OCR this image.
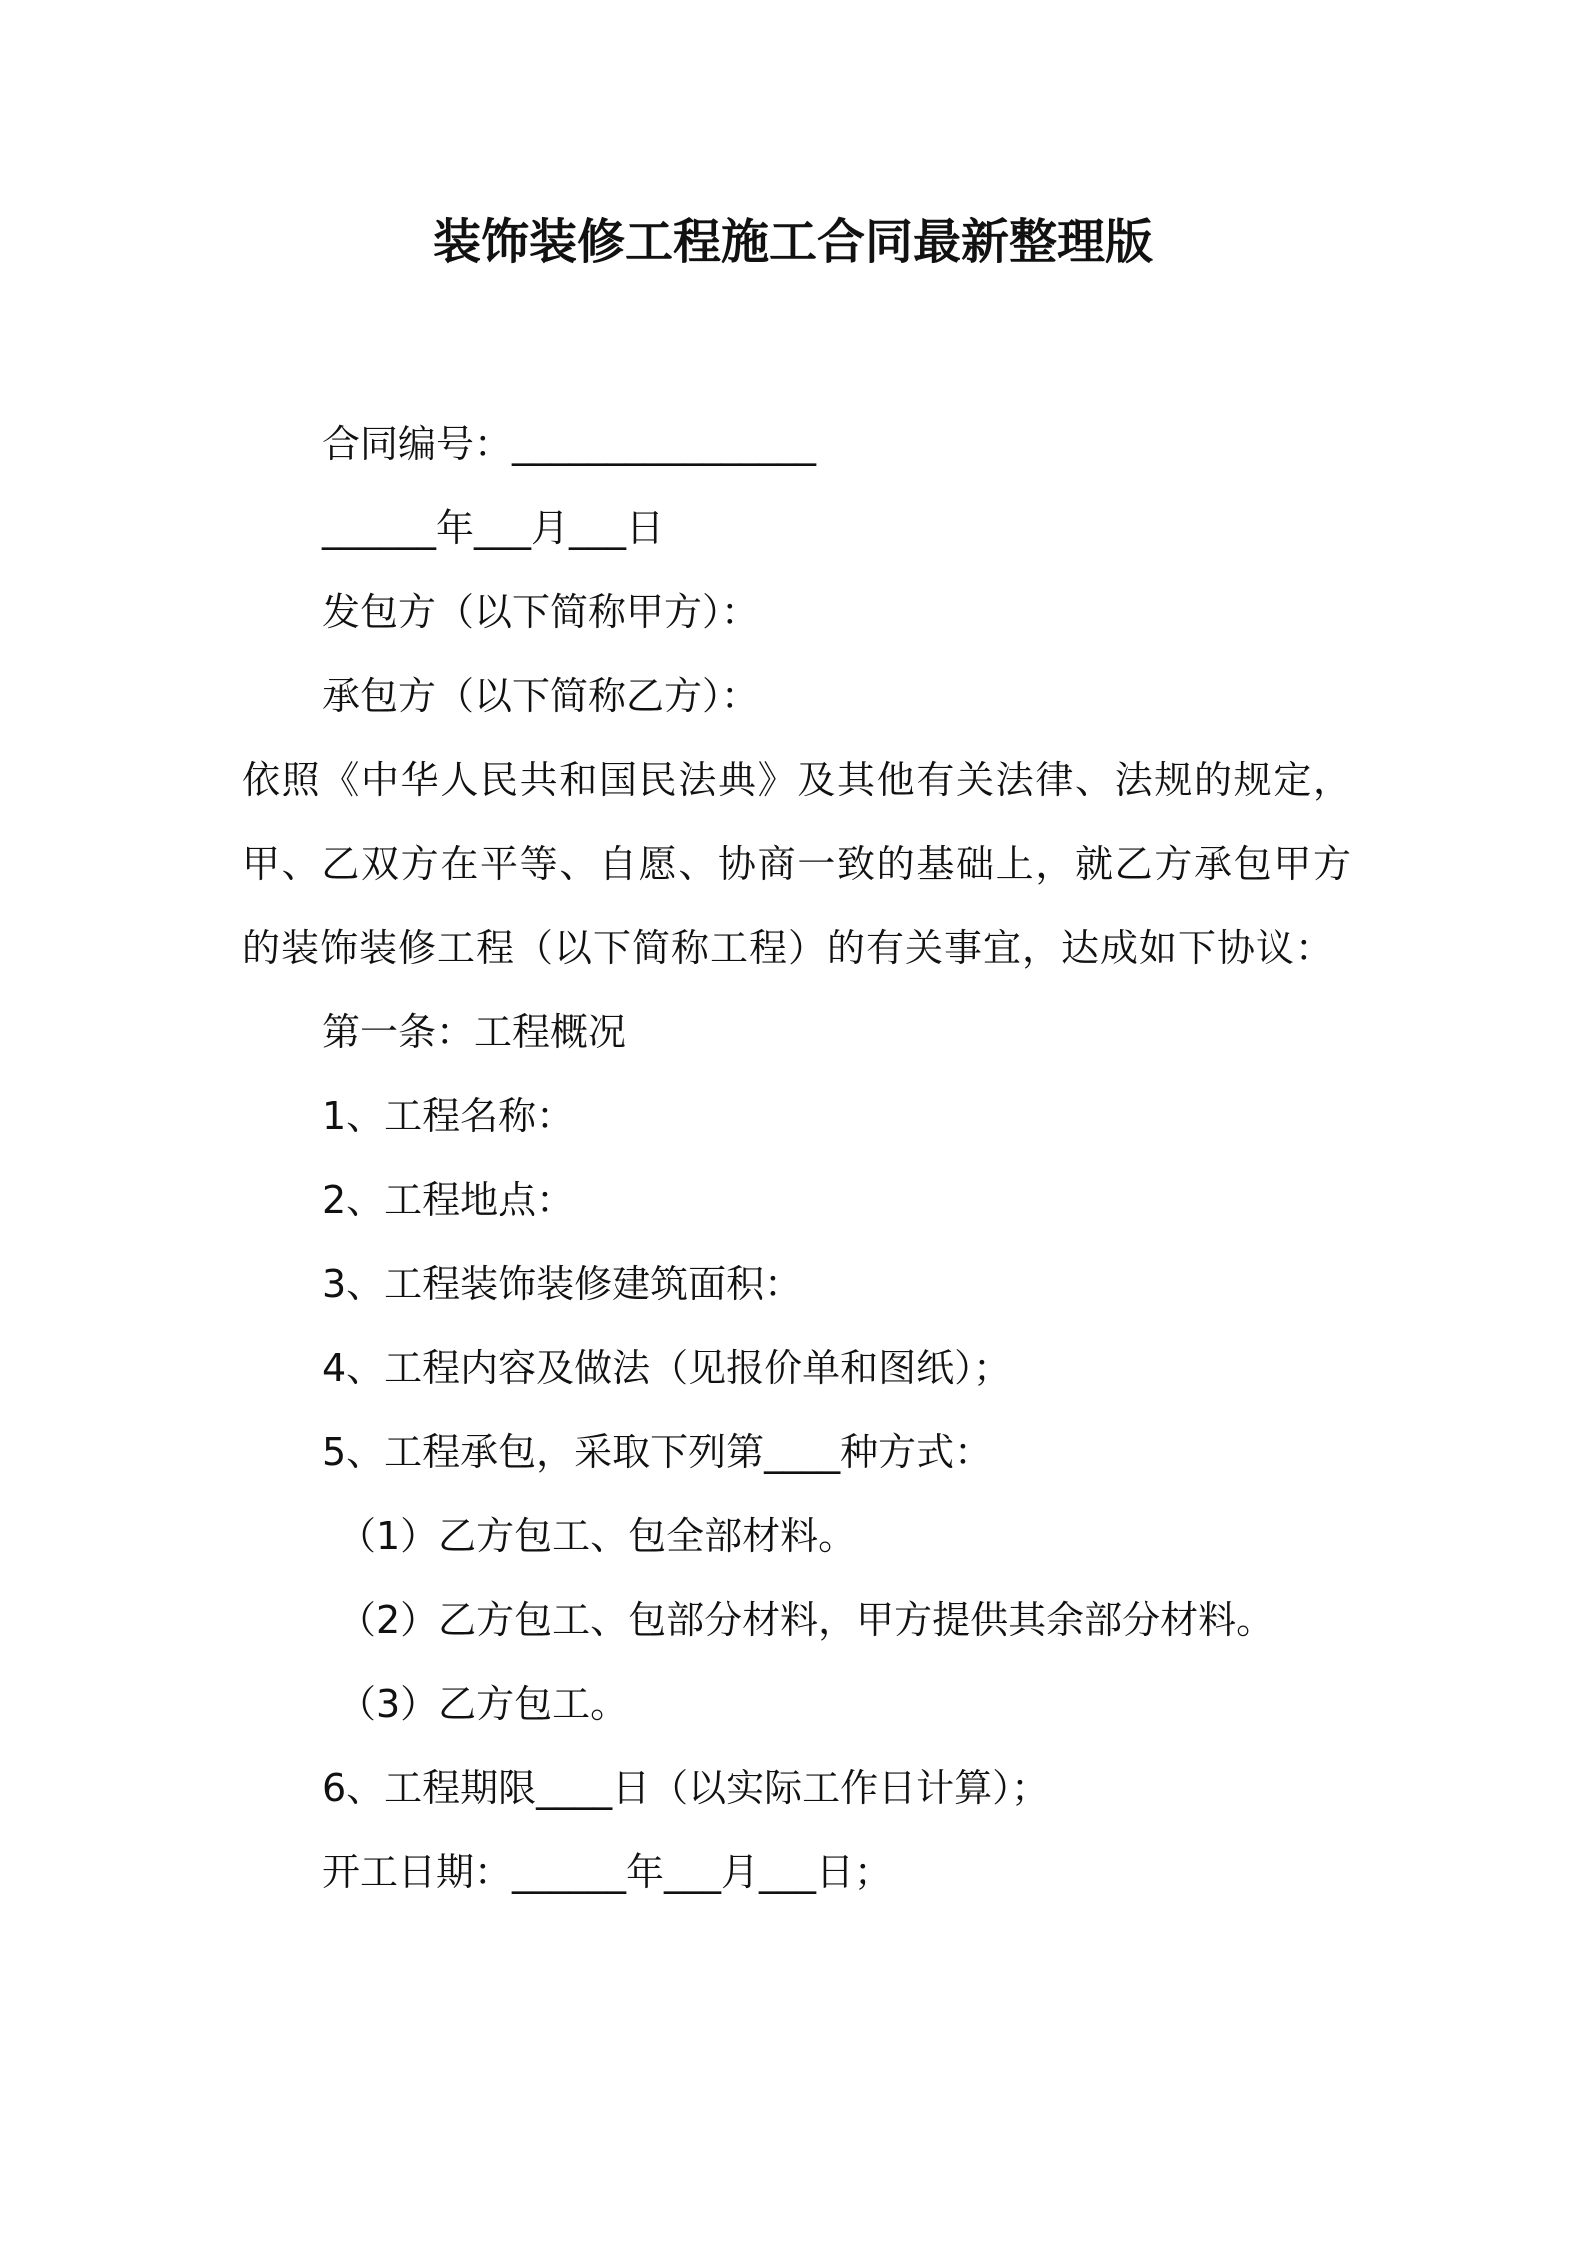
装饰装修工程施工合同最新整理版

合同编号：________________

______年___月___日

发包方（以下简称甲方）：

承包方（以下简称乙方）：

依照《中华人民共和国民法典》及其他有关法律、法规的规定，甲、乙双方在平等、自愿、协商一致的基础上，就乙方承包甲方的装饰装修工程（以下简称工程）的有关事宜，达成如下协议：

第一条：工程概况

1、工程名称：

2、工程地点：

3、工程装饰装修建筑面积：

4、工程内容及做法（见报价单和图纸）；

5、工程承包，采取下列第____种方式：

（1）乙方包工、包全部材料。

（2）乙方包工、包部分材料，甲方提供其余部分材料。

（3）乙方包工。

6、工程期限____日（以实际工作日计算）；

开工日期：______年___月___日；
